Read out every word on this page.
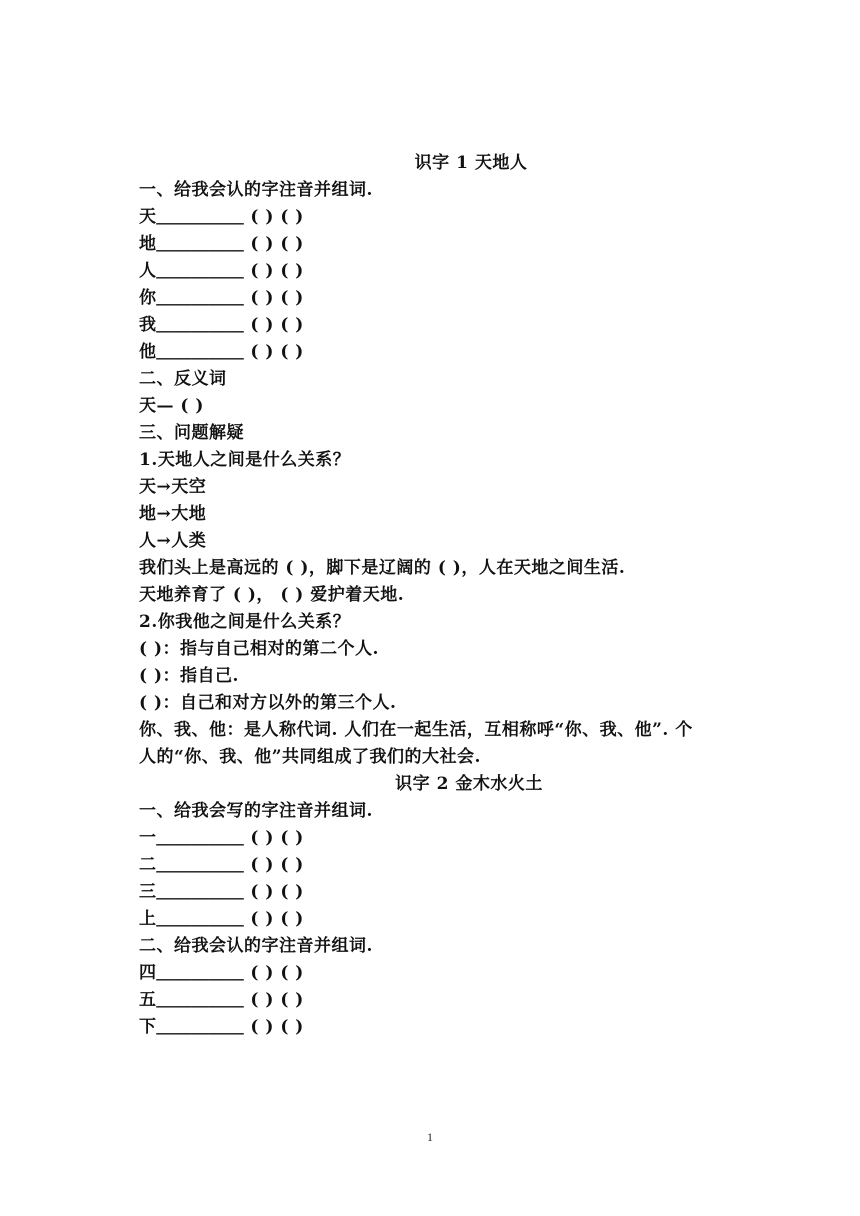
识字 1 天地人
一、给我会认的字注音并组词.
天＿＿＿＿＿ ( ) ( )
地＿＿＿＿＿ ( ) ( )
人＿＿＿＿＿ ( ) ( )
你＿＿＿＿＿ ( ) ( )
我＿＿＿＿＿ ( ) ( )
他＿＿＿＿＿ ( ) ( )
二、反义词
天— ( )
三、问题解疑
1.天地人之间是什么关系？
天→天空
地→大地
人→人类
我们头上是高远的 ( )，脚下是辽阔的 ( )，人在天地之间生活.
天地养育了 ( )， ( ) 爱护着天地.
2.你我他之间是什么关系？
( )：指与自己相对的第二个人.
( )：指自己.
( )：自己和对方以外的第三个人.
你、我、他：是人称代词. 人们在一起生活，互相称呼“你、我、他”. 个
人的“你、我、他”共同组成了我们的大社会.
识字 2 金木水火土
一、给我会写的字注音并组词.
一＿＿＿＿＿ ( ) ( )
二＿＿＿＿＿ ( ) ( )
三＿＿＿＿＿ ( ) ( )
上＿＿＿＿＿ ( ) ( )
二、给我会认的字注音并组词.
四＿＿＿＿＿ ( ) ( )
五＿＿＿＿＿ ( ) ( )
下＿＿＿＿＿ ( ) ( )
1
